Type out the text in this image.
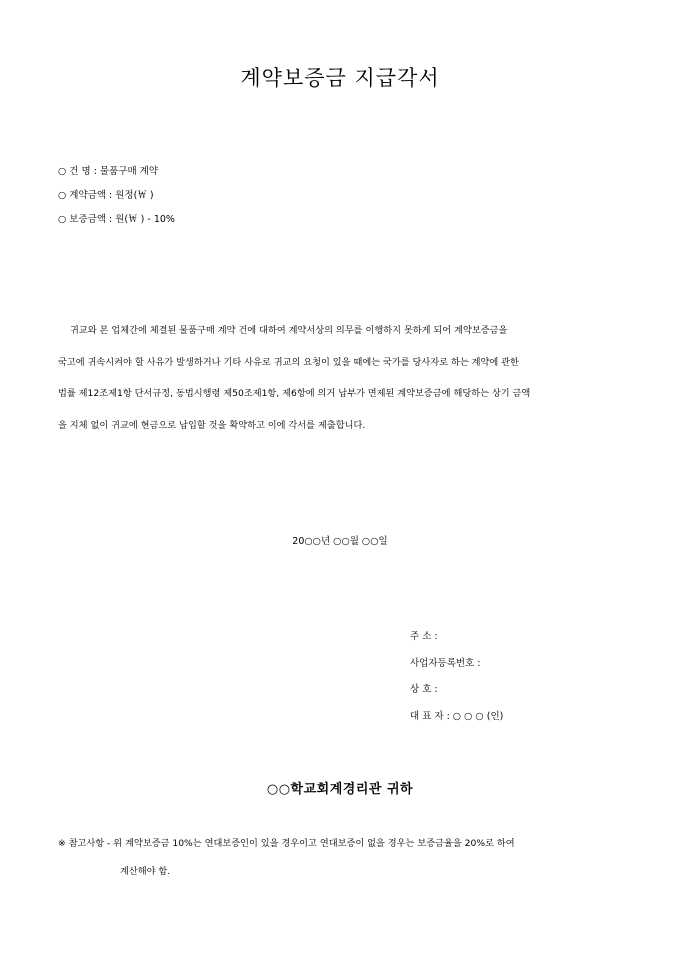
계약보증금 지급각서
○ 건 명 : 물품구매 계약
○ 계약금액 : 원정(￦ )
○ 보증금액 : 원(￦ ) - 10%
귀교와 본 업체간에 체결된 물품구매 계약 건에 대하여 계약서상의 의무를 이행하지 못하게 되어 계약보증금을
국고에 귀속시켜야 할 사유가 발생하거나 기타 사유로 귀교의 요청이 있을 때에는 국가를 당사자로 하는 계약에 관한
법률 제12조제1항 단서규정, 동법시행령 제50조제1항, 제6항에 의거 납부가 면제된 계약보증금에 해당하는 상기 금액
을 지체 없이 귀교에 현금으로 납입할 것을 확약하고 이에 각서를 제출합니다.
20○○년 ○○월 ○○일
주 소 :
사업자등록번호 :
상 호 :
대 표 자 : ○ ○ ○ (인)
○○학교회계경리관 귀하
※ 참고사항 - 위 계약보증금 10%는 연대보증인이 있을 경우이고 연대보증이 없을 경우는 보증금율을 20%로 하여
계산해야 함.
